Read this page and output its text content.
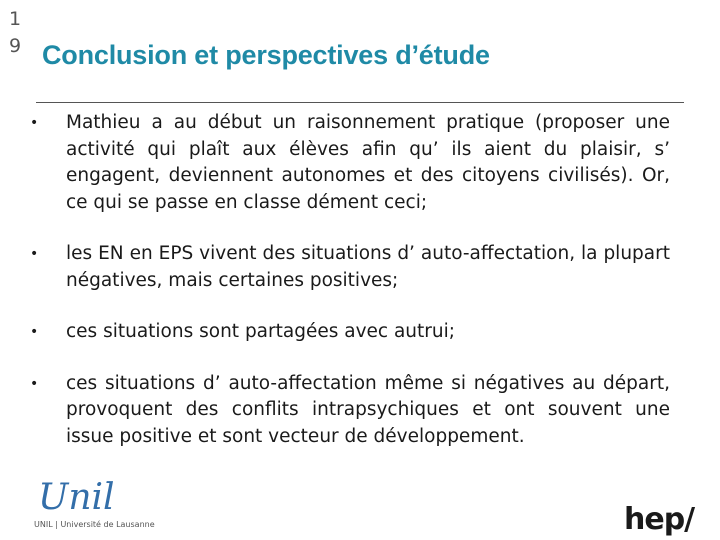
1
9 Conclusion et perspectives d’étude
•	Mathieu a au début un raisonnement pratique (proposer une activité qui plaît aux élèves afin qu’ ils aient du plaisir, s’ engagent, deviennent autonomes et des citoyens civilisés). Or, ce qui se passe en classe dément ceci;
•	les EN en EPS vivent des situations d’ auto-affectation, la plupart négatives, mais certaines positives;
•	ces situations sont partagées avec autrui;
•	ces situations d’ auto-affectation même si négatives au départ, provoquent des conflits intrapsychiques et ont souvent une issue positive et sont vecteur de développement.
Unil
UNIL | Université de Lausanne	hep/
